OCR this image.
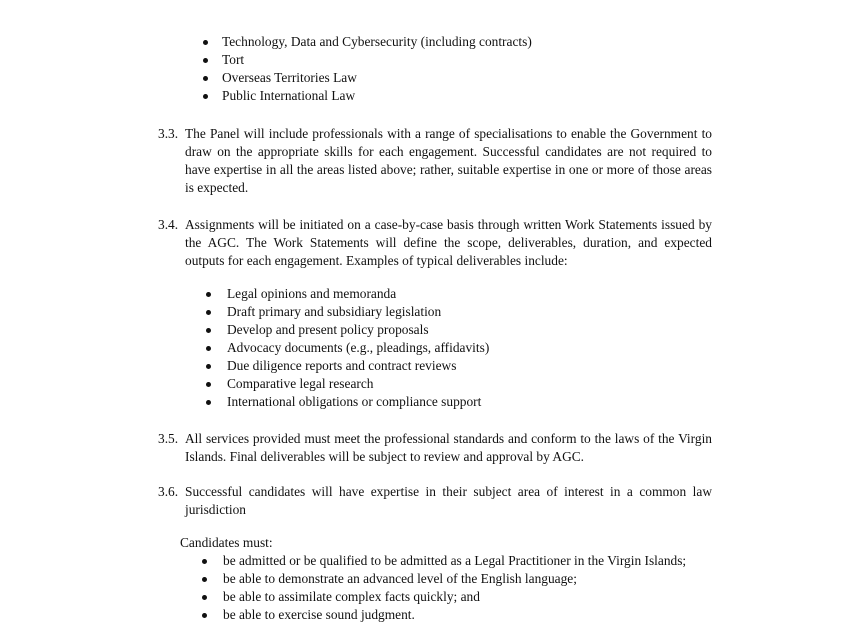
Technology, Data and Cybersecurity (including contracts)
Tort
Overseas Territories Law
Public International Law
3.3. The Panel will include professionals with a range of specialisations to enable the Government to
draw on the appropriate skills for each engagement. Successful candidates are not required to
have expertise in all the areas listed above; rather, suitable expertise in one or more of those areas
is expected.
3.4. Assignments will be initiated on a case-by-case basis through written Work Statements issued by
the AGC. The Work Statements will define the scope, deliverables, duration, and expected
outputs for each engagement. Examples of typical deliverables include:
Legal opinions and memoranda
Draft primary and subsidiary legislation
Develop and present policy proposals
Advocacy documents (e.g., pleadings, affidavits)
Due diligence reports and contract reviews
Comparative legal research
International obligations or compliance support
3.5. All services provided must meet the professional standards and conform to the laws of the Virgin
Islands. Final deliverables will be subject to review and approval by AGC.
3.6. Successful candidates will have expertise in their subject area of interest in a common law
jurisdiction
Candidates must:
be admitted or be qualified to be admitted as a Legal Practitioner in the Virgin Islands;
be able to demonstrate an advanced level of the English language;
be able to assimilate complex facts quickly; and
be able to exercise sound judgment.
